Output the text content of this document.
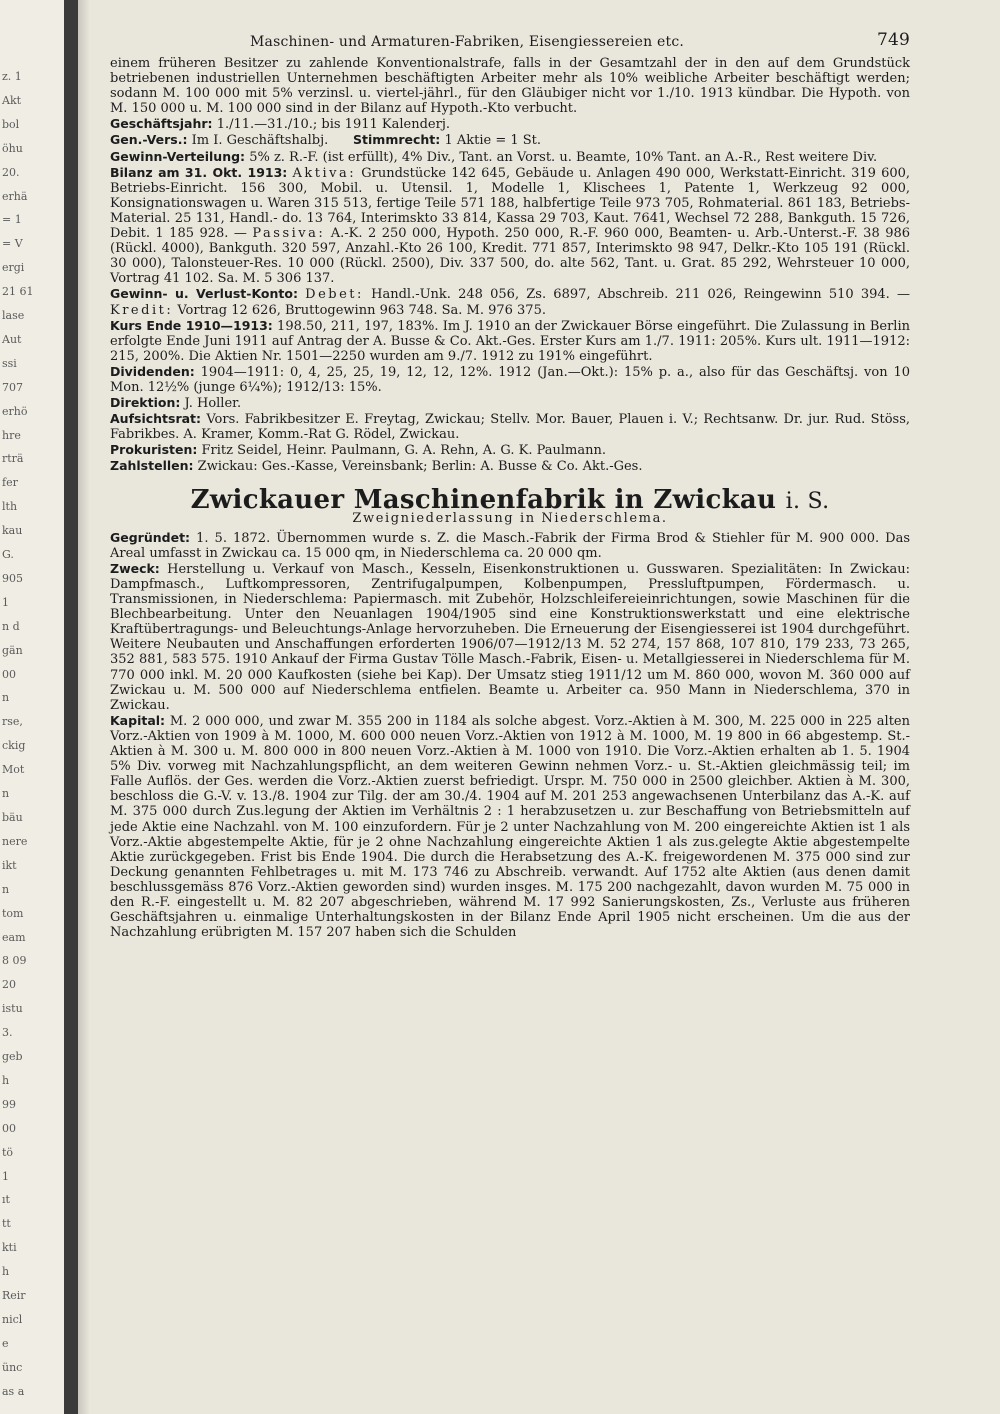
z. 1
Akt
bol
öhu
20.
erhä
= 1
= V
ergi
21 61
lase
Aut
ssi
707
erhö
hre
rträ
fer
lth
kau
G.
905
1
n d
gän
00
n
rse,
ckig
Mot
n
bäu
nere
ikt
n
tom
eam
8 09
20
istu
3.
geb
h
99
00
tö
1
ıt
tt
kti
h
Reir
nicl
e
ünc
as a
Maschinen- und Armaturen-Fabriken, Eisengiessereien etc.	749

einem früheren Besitzer zu zahlende Konventionalstrafe, falls in der Gesamtzahl der in den auf dem Grundstück betriebenen industriellen Unternehmen beschäftigten Arbeiter mehr als 10% weibliche Arbeiter beschäftigt werden; sodann M. 100 000 mit 5% verzinsl. u. viertel-jährl., für den Gläubiger nicht vor 1./10. 1913 kündbar. Die Hypoth. von M. 150 000 u. M. 100 000 sind in der Bilanz auf Hypoth.-Kto verbucht.

Geschäftsjahr: 1./11.—31./10.; bis 1911 Kalenderj.

Gen.-Vers.: Im I. Geschäftshalbj. Stimmrecht: 1 Aktie = 1 St.

Gewinn-Verteilung: 5% z. R.-F. (ist erfüllt), 4% Div., Tant. an Vorst. u. Beamte, 10% Tant. an A.-R., Rest weitere Div.

Bilanz am 31. Okt. 1913: Aktiva: Grundstücke 142 645, Gebäude u. Anlagen 490 000, Werkstatt-Einricht. 319 600, Betriebs-Einricht. 156 300, Mobil. u. Utensil. 1, Modelle 1, Klischees 1, Patente 1, Werkzeug 92 000, Konsignationswagen u. Waren 315 513, fertige Teile 571 188, halbfertige Teile 973 705, Rohmaterial. 861 183, Betriebs-Material. 25 131, Handl.- do. 13 764, Interimskto 33 814, Kassa 29 703, Kaut. 7641, Wechsel 72 288, Bankguth. 15 726, Debit. 1 185 928. — Passiva: A.-K. 2 250 000, Hypoth. 250 000, R.-F. 960 000, Beamten- u. Arb.-Unterst.-F. 38 986 (Rückl. 4000), Bankguth. 320 597, Anzahl.-Kto 26 100, Kredit. 771 857, Interimskto 98 947, Delkr.-Kto 105 191 (Rückl. 30 000), Talonsteuer-Res. 10 000 (Rückl. 2500), Div. 337 500, do. alte 562, Tant. u. Grat. 85 292, Wehrsteuer 10 000, Vortrag 41 102. Sa. M. 5 306 137.

Gewinn- u. Verlust-Konto: Debet: Handl.-Unk. 248 056, Zs. 6897, Abschreib. 211 026, Reingewinn 510 394. — Kredit: Vortrag 12 626, Bruttogewinn 963 748. Sa. M. 976 375.

Kurs Ende 1910—1913: 198.50, 211, 197, 183%. Im J. 1910 an der Zwickauer Börse eingeführt. Die Zulassung in Berlin erfolgte Ende Juni 1911 auf Antrag der A. Busse & Co. Akt.-Ges. Erster Kurs am 1./7. 1911: 205%. Kurs ult. 1911—1912: 215, 200%. Die Aktien Nr. 1501—2250 wurden am 9./7. 1912 zu 191% eingeführt.

Dividenden: 1904—1911: 0, 4, 25, 25, 19, 12, 12, 12%. 1912 (Jan.—Okt.): 15% p. a., also für das Geschäftsj. von 10 Mon. 12½% (junge 6¼%); 1912/13: 15%.

Direktion: J. Holler.

Aufsichtsrat: Vors. Fabrikbesitzer E. Freytag, Zwickau; Stellv. Mor. Bauer, Plauen i. V.; Rechtsanw. Dr. jur. Rud. Stöss, Fabrikbes. A. Kramer, Komm.-Rat G. Rödel, Zwickau.

Prokuristen: Fritz Seidel, Heinr. Paulmann, G. A. Rehn, A. G. K. Paulmann.

Zahlstellen: Zwickau: Ges.-Kasse, Vereinsbank; Berlin: A. Busse & Co. Akt.-Ges.

Zwickauer Maschinenfabrik in Zwickau i. S.
Zweigniederlassung in Niederschlema.

Gegründet: 1. 5. 1872. Übernommen wurde s. Z. die Masch.-Fabrik der Firma Brod & Stiehler für M. 900 000. Das Areal umfasst in Zwickau ca. 15 000 qm, in Niederschlema ca. 20 000 qm.

Zweck: Herstellung u. Verkauf von Masch., Kesseln, Eisenkonstruktionen u. Gusswaren. Spezialitäten: In Zwickau: Dampfmasch., Luftkompressoren, Zentrifugalpumpen, Kolbenpumpen, Pressluftpumpen, Fördermasch. u. Transmissionen, in Niederschlema: Papiermasch. mit Zubehör, Holzschleifereieinrichtungen, sowie Maschinen für die Blechbearbeitung. Unter den Neuanlagen 1904/1905 sind eine Konstruktionswerkstatt und eine elektrische Kraftübertragungs- und Beleuchtungs-Anlage hervorzuheben. Die Erneuerung der Eisengiesserei ist 1904 durchgeführt. Weitere Neubauten und Anschaffungen erforderten 1906/07—1912/13 M. 52 274, 157 868, 107 810, 179 233, 73 265, 352 881, 583 575. 1910 Ankauf der Firma Gustav Tölle Masch.-Fabrik, Eisen- u. Metallgiesserei in Niederschlema für M. 770 000 inkl. M. 20 000 Kaufkosten (siehe bei Kap). Der Umsatz stieg 1911/12 um M. 860 000, wovon M. 360 000 auf Zwickau u. M. 500 000 auf Niederschlema entfielen. Beamte u. Arbeiter ca. 950 Mann in Niederschlema, 370 in Zwickau.

Kapital: M. 2 000 000, und zwar M. 355 200 in 1184 als solche abgest. Vorz.-Aktien à M. 300, M. 225 000 in 225 alten Vorz.-Aktien von 1909 à M. 1000, M. 600 000 neuen Vorz.-Aktien von 1912 à M. 1000, M. 19 800 in 66 abgestemp. St.-Aktien à M. 300 u. M. 800 000 in 800 neuen Vorz.-Aktien à M. 1000 von 1910. Die Vorz.-Aktien erhalten ab 1. 5. 1904 5% Div. vorweg mit Nachzahlungspflicht, an dem weiteren Gewinn nehmen Vorz.- u. St.-Aktien gleichmässig teil; im Falle Auflös. der Ges. werden die Vorz.-Aktien zuerst befriedigt. Urspr. M. 750 000 in 2500 gleichber. Aktien à M. 300, beschloss die G.-V. v. 13./8. 1904 zur Tilg. der am 30./4. 1904 auf M. 201 253 angewachsenen Unterbilanz das A.-K. auf M. 375 000 durch Zus.legung der Aktien im Verhältnis 2 : 1 herabzusetzen u. zur Beschaffung von Betriebsmitteln auf jede Aktie eine Nachzahl. von M. 100 einzufordern. Für je 2 unter Nachzahlung von M. 200 eingereichte Aktien ist 1 als Vorz.-Aktie abgestempelte Aktie, für je 2 ohne Nachzahlung eingereichte Aktien 1 als zus.gelegte Aktie abgestempelte Aktie zurückgegeben. Frist bis Ende 1904. Die durch die Herabsetzung des A.-K. freigewordenen M. 375 000 sind zur Deckung genannten Fehlbetrages u. mit M. 173 746 zu Abschreib. verwandt. Auf 1752 alte Aktien (aus denen damit beschlussgemäss 876 Vorz.-Aktien geworden sind) wurden insges. M. 175 200 nachgezahlt, davon wurden M. 75 000 in den R.-F. eingestellt u. M. 82 207 abgeschrieben, während M. 17 992 Sanierungskosten, Zs., Verluste aus früheren Geschäftsjahren u. einmalige Unterhaltungskosten in der Bilanz Ende April 1905 nicht erscheinen. Um die aus der Nachzahlung erübrigten M. 157 207 haben sich die Schulden
